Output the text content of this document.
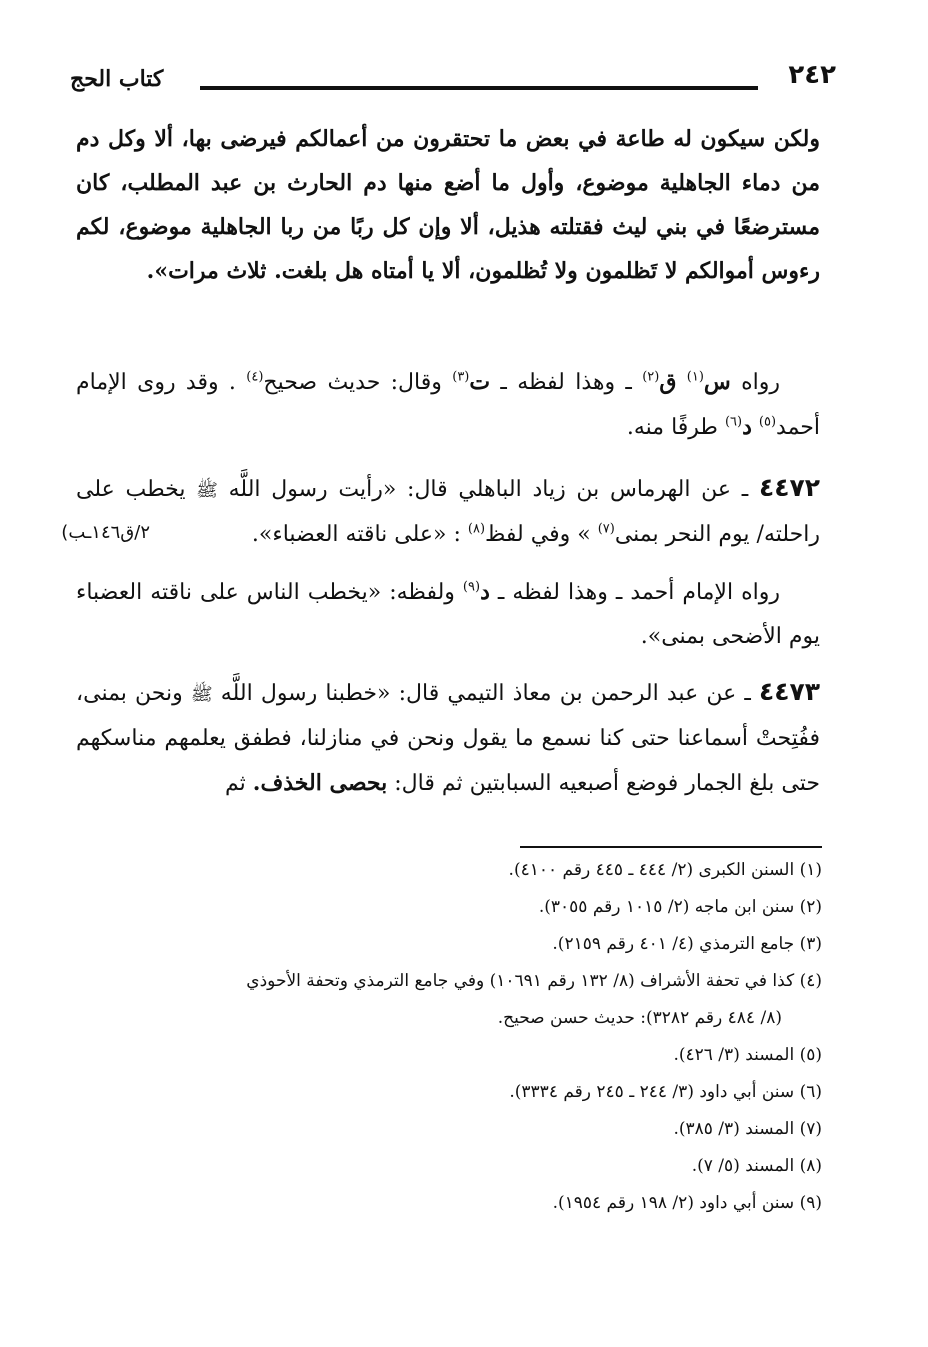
٢٤٢
كتاب الحج

ولكن سيكون له طاعة في بعض ما تحتقرون من أعمالكم فيرضى بها، ألا وكل دم من دماء الجاهلية موضوع، وأول ما أضع منها دم الحارث بن عبد المطلب، كان مسترضعًا في بني ليث فقتلته هذيل، ألا وإن كل ربًا من ربا الجاهلية موضوع، لكم رءوس أموالكم لا تَظلمون ولا تُظلمون، ألا يا أمتاه هل بلغت. ثلاث مرات».

رواه س$^{(١)}$ ق$^{(٢)}$ ـ وهذا لفظه ـ ت$^{(٣)}$ وقال: حديث صحيح$^{(٤)}$ . وقد روى الإمام أحمد$^{(٥)}$ د$^{(٦)}$ طرفًا منه.

٤٤٧٢ ـ عن الهرماس بن زياد الباهلي قال: «رأيت رسول اللَّه ﷺ يخطب على راحلته/ يوم النحر بمنى$^{(٧)}$ » وفي لفظ$^{(٨)}$ : «على ناقته العضباء».

٢/ق١٤٦ـب)

رواه الإمام أحمد ـ وهذا لفظه ـ د$^{(٩)}$ ولفظه: «يخطب الناس على ناقته العضباء يوم الأضحى بمنى».

٤٤٧٣ ـ عن عبد الرحمن بن معاذ التيمي قال: «خطبنا رسول اللَّه ﷺ ونحن بمنى، ففُتِحتْ أسماعنا حتى كنا نسمع ما يقول ونحن في منازلنا، فطفق يعلمهم مناسكهم حتى بلغ الجمار فوضع أصبعيه السبابتين ثم قال: بحصى الخذف. ثم

(١) السنن الكبرى (٢/ ٤٤٤ ـ ٤٤٥ رقم ٤١٠٠).

(٢) سنن ابن ماجه (٢/ ١٠١٥ رقم ٣٠٥٥).

(٣) جامع الترمذي (٤/ ٤٠١ رقم ٢١٥٩).

(٤) كذا في تحفة الأشراف (٨/ ١٣٢ رقم ١٠٦٩١) وفي جامع الترمذي وتحفة الأحوذي

(٨/ ٤٨٤ رقم ٣٢٨٢): حديث حسن صحيح.

(٥) المسند (٣/ ٤٢٦).

(٦) سنن أبي داود (٣/ ٢٤٤ ـ ٢٤٥ رقم ٣٣٣٤).

(٧) المسند (٣/ ٣٨٥).

(٨) المسند (٥/ ٧).

(٩) سنن أبي داود (٢/ ١٩٨ رقم ١٩٥٤).
